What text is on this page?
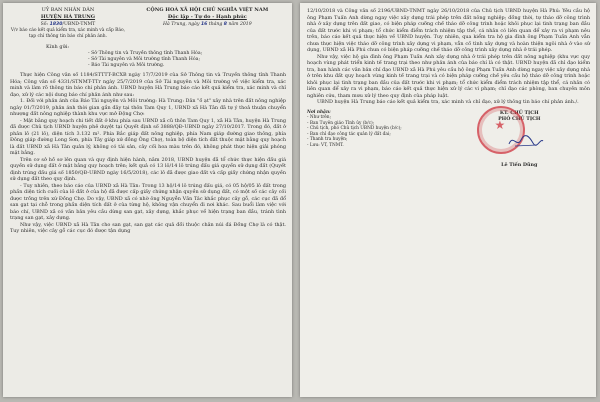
UỶ BAN NHÂN DÂN
HUYỆN HÀ TRUNG
Số: 1830/UBND-TNMT
CỘNG HOÀ XÃ HỘI CHỦ NGHĨA VIỆT NAM
Độc lập - Tự do - Hạnh phúc
Hà Trung, ngày 16 tháng 8 năm 2019
V/v báo cáo kết quả kiểm tra, xác minh và cấp Báo, tạp chí thông tin báo chí phản ánh.
Kính gửi:
- Sở Thông tin và Truyền thông tỉnh Thanh Hóa;
- Sở Tài nguyên và Môi trường tỉnh Thanh Hóa;
- Báo Tài nguyên và Môi trường.

Thực hiện Công văn số 1184/STTTT-BCXB ngày 17/7/2019 của Sở Thông tin và Truyền thông tỉnh Thanh Hóa; Công văn số 4331/STNMT-TTr ngày 25/7/2019 của Sở Tài nguyên và Môi trường về việc kiểm tra, xác minh và làm rõ thông tin báo chí phản ánh. UBND huyện Hà Trung báo cáo kết quả kiểm tra, xác minh và chỉ đạo, xử lý các nội dung báo chí phản ánh như sau:

1. Đối với phản ánh của Báo Tài nguyên và Môi trường: Hà Trung: Dân "ồ ạt" xây nhà trên đất nông nghiệp ngày 01/7/2019, phản ánh thời gian gần đây tại thôn Tam Quy 1, UBND xã Hà Tân đã tự ý thoả thuận chuyển nhượng đất nông nghiệp thành khu vực mở Động Chợ:

- Mặt bằng quy hoạch chi tiết đất ở khu phía sau UBND xã cũ thôn Tam Quy 1, xã Hà Tân, huyện Hà Trung đã được Chủ tịch UBND huyện phê duyệt tại Quyết định số 3888/QĐ-UBND ngày 27/10/2017. Trong đó, đất ở phân lô (21 lô), diện tích 3.132 m². Phía Bắc giáp đất nông nghiệp, phía Nam giáp đường giao thông, phía Đông giáp đường Long Sơn, phía Tây giáp xứ đồng Ông Chợ), toàn bộ diện tích đất thuộc mặt bằng quy hoạch là đất UBND xã Hà Tân quản lý, không có tài sản, cây cối hoa màu trên đó, không phát thực hiện giải phóng mặt bằng.

Trên cơ sở hồ sơ lên quan và quy định hiện hành, năm 2018, UBND huyện đã tổ chức thực hiện đấu giá quyền sử dụng đất ở mặt bằng quy hoạch trên; kết quả có 13 lô/14 lô trúng đấu giá quyền sử dụng đất (Quyết định trúng đấu giá số 1850/QĐ-UBND ngày 16/5/2018), các lô đã được giao đất và cấp giấy chứng nhận quyền sử dụng đất theo quy định.

- Tuy nhiên, theo báo cáo của UBND xã Hà Tân: Trong 13 hộ/14 lô trúng đấu giá, có 05 hộ/05 lô đất trong phần diện tích cuối của lô đất ở của hộ đã được cấp giấy chứng nhận quyền sử dụng đất, có một số các cây cối được trồng trên xứ Đồng Chợ. Do vậy, UBND xã có nhờ ông Nguyễn Văn Tác khắc phục cây gỗ, các cục đã đổ san gạt tại chỗ trong phần diện tích đất ở của từng hộ, không vận chuyển đi nơi khác. Sau buổi làm việc với báo chí, UBND xã có văn bản yêu cầu dừng san gạt, xây dựng, khắc phục về hiện trạng ban đầu, tránh tình trạng san gạt, xây dựng.

Như vậy, việc UBND xã Hà Tân cho san gạt, san gạt các quả đồi thuộc chân núi đá Đồng Chợ là có thật. Tuy nhiên, việc cây gỗ các cục đó được tận dụng

12/10/2018 và Công văn số 2196/UBND-TNMT ngày 26/10/2018 của Chủ tịch UBND huyện Hà Phú: Yêu cầu hộ ông Phạm Tuấn Anh dừng ngay việc xây dựng trái phép trên đất nông nghiệp; đồng thời, tự tháo dỡ công trình nhà ở xây dựng trên đất giao, có biện pháp cưỡng chế tháo dỡ công trình hoặc khôi phục lại tình trạng ban đầu của đất trước khi vi phạm; tổ chức kiểm điểm trách nhiệm tập thể, cá nhân có liên quan để xảy ra vi phạm nêu trên, báo cáo kết quả thực hiện về UBND huyện. Tuy nhiên, qua kiểm tra hộ gia đình ông Phạm Tuấn Anh vẫn chưa thực hiện việc tháo dỡ công trình xây dựng vi phạm, vẫn cố tình xây dựng và hoàn thiện ngôi nhà ở vào sử dụng, UBND xã Hà Phú chưa có biện pháp cưỡng chế tháo dỡ công trình xây dựng nhà ở trái phép.

Như vậy, việc hộ gia đình ông Phạm Tuấn Anh xây dựng nhà ở trái phép trên đất nông nghiệp (khu vực quy hoạch vùng phát triển kinh tế trang trại theo như phản ánh của báo chí là có thật. UBND huyện đã chỉ đạo kiểm tra, ban hành các văn bản chỉ đạo UBND xã Hà Phú yêu cầu hộ ông Phạm Tuấn Anh dừng ngay việc xây dựng nhà ở trên khu đất quy hoạch vùng kinh tế trang trại và có biện pháp cưỡng chế yêu cầu hộ tháo dỡ công trình hoặc khôi phục lại tình trạng ban đầu của đất trước khi vi phạm; tổ chức kiểm điểm trách nhiệm tập thể, cá nhân có liên quan để xảy ra vi phạm, báo cáo kết quả thực hiện xử lý các vi phạm; chỉ đạo các phòng, ban chuyên môn nghiên cứu, tham mưu xử lý theo quy định của pháp luật.

UBND huyện Hà Trung báo cáo kết quả kiểm tra, xác minh và chỉ đạo, xử lý thông tin báo chí phản ánh./.

Nơi nhận:
- Như trên;
- Ban Tuyên giáo Tỉnh ủy (b/c);
- Chủ tịch, phó Chủ tịch UBND huyện (b/c);
- Ban chỉ đạo công tác quản lý đất đai;
- Thanh tra huyện;
- Lưu: VT, TNMT.
KT. CHỦ TỊCH
PHÓ CHỦ TỊCH
★
Lê Tiến Dũng
